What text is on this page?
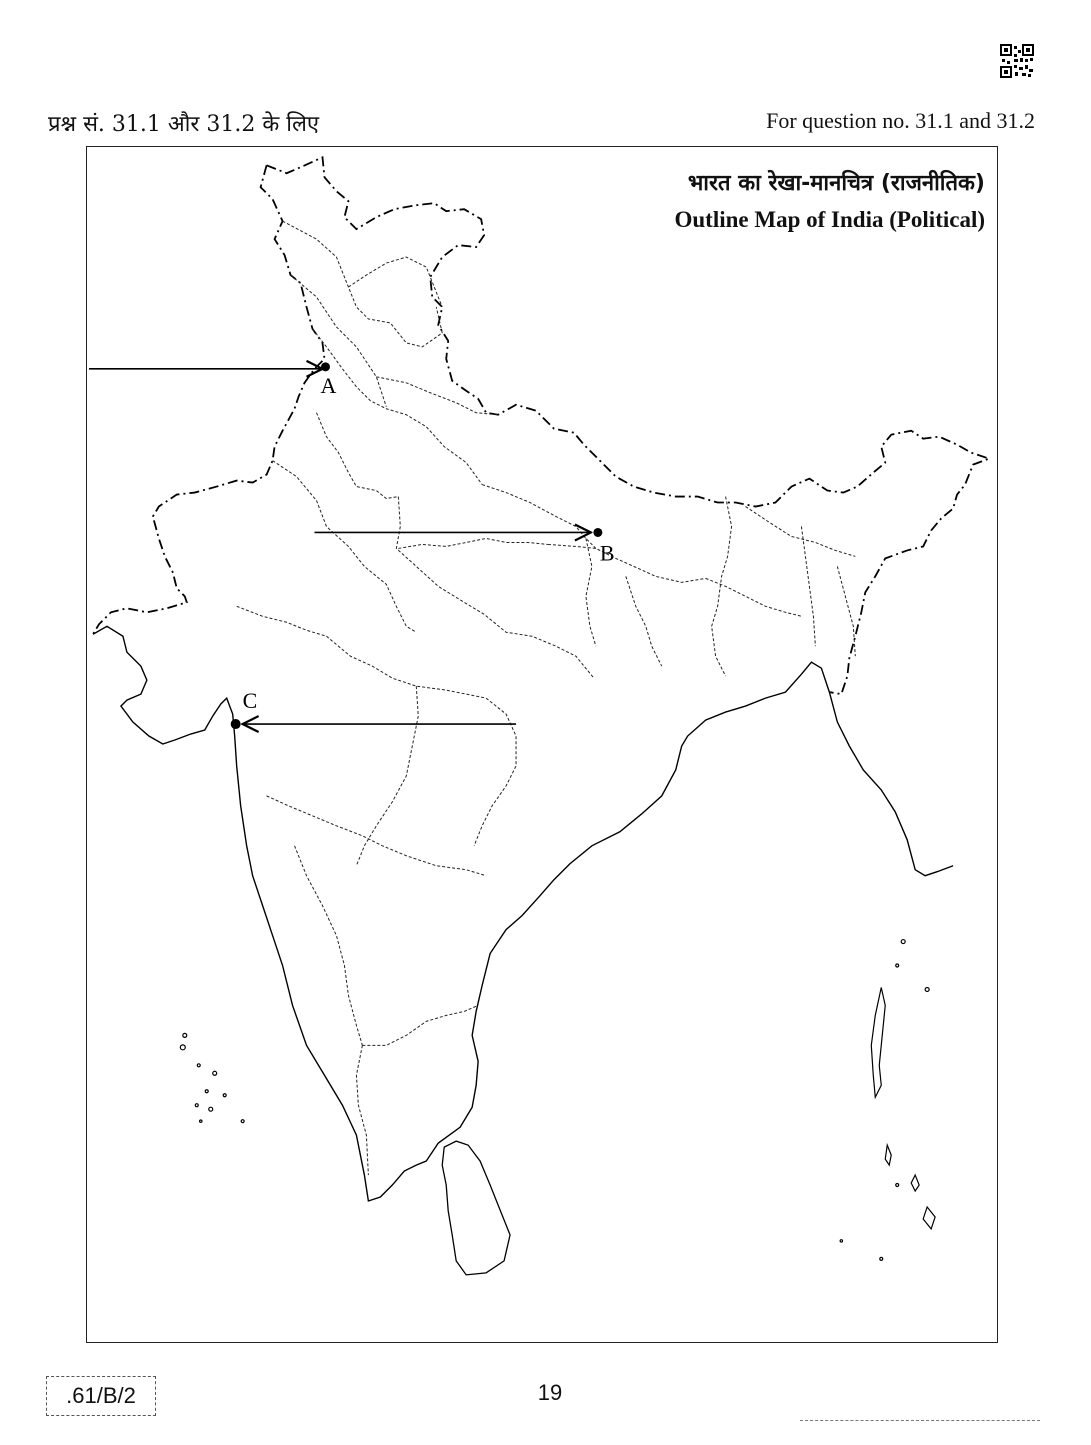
प्रश्न सं. 31.1 और 31.2 के लिए	For question no. 31.1 and 31.2
A
B
C
भारत का रेखा-मानचित्र (राजनीतिक)
Outline Map of India (Political)
.61/B/2	19
